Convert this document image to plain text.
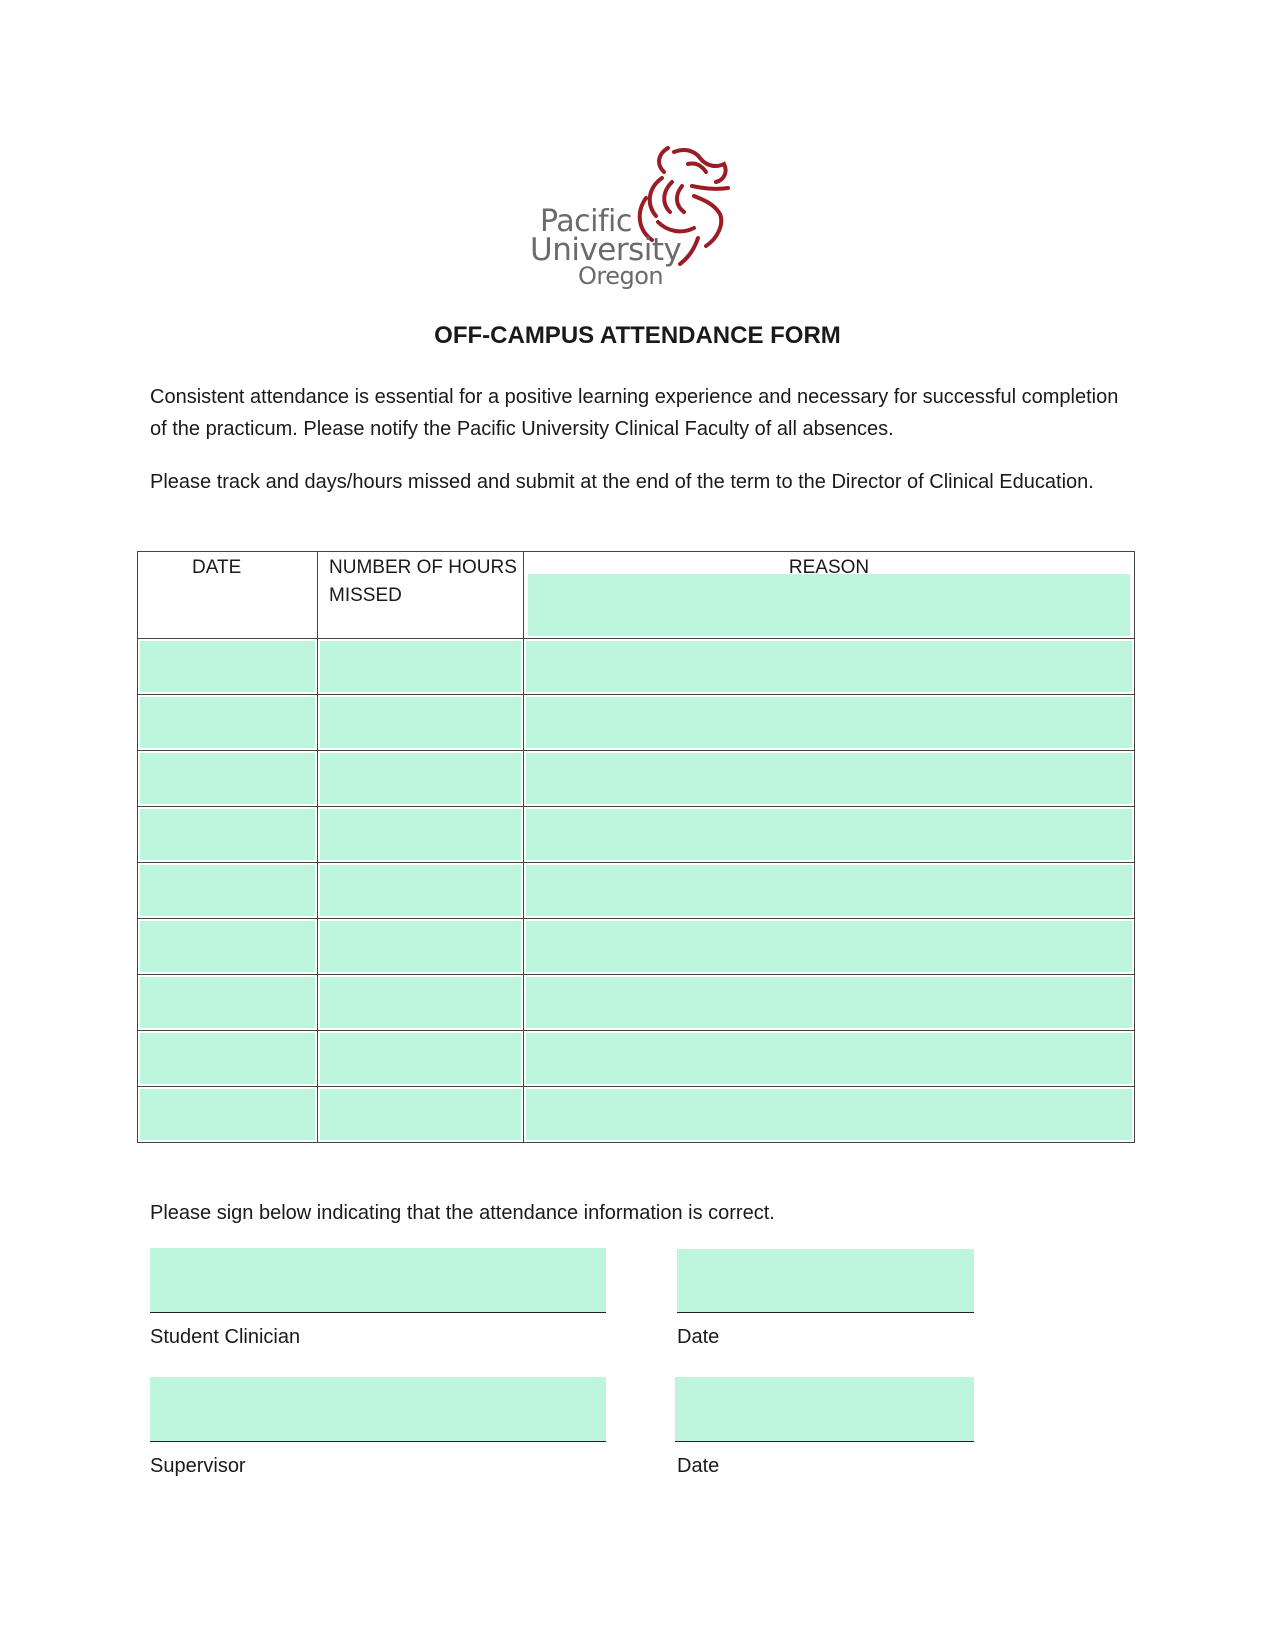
Pacific
University
Oregon
OFF-CAMPUS ATTENDANCE FORM

Consistent attendance is essential for a positive learning experience and necessary for successful completion of the practicum. Please notify the Pacific University Clinical Faculty of all absences.

Please track and days/hours missed and submit at the end of the term to the Director of Clinical Education.

DATE	NUMBER OF HOURS MISSED	REASON

Please sign below indicating that the attendance information is correct.

Student Clinician	Date

Supervisor	Date
